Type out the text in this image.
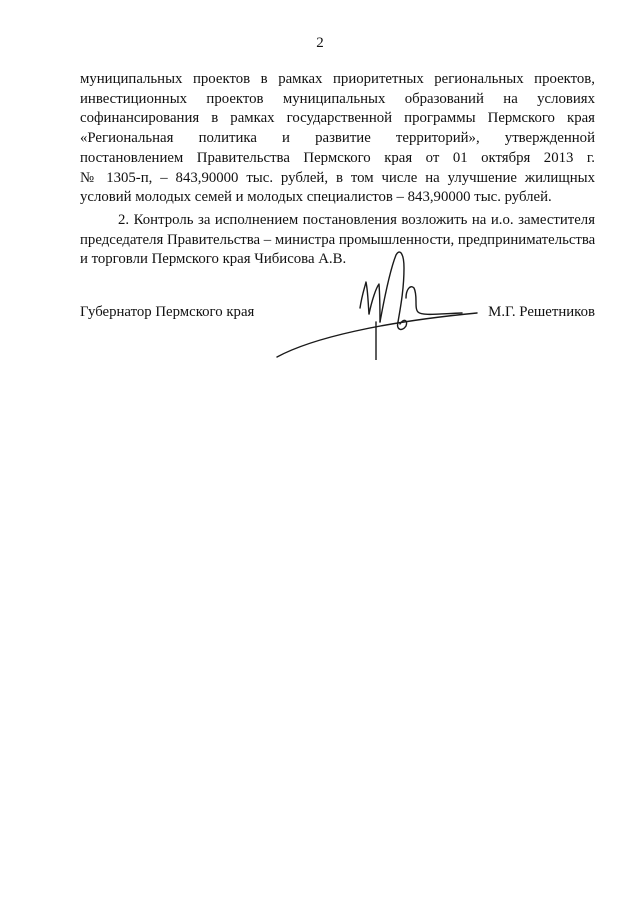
2
муниципальных проектов в рамках приоритетных региональных проектов,
инвестиционных проектов муниципальных образований на условиях
софинансирования в рамках государственной программы Пермского края
«Региональная политика и развитие территорий», утвержденной
постановлением Правительства Пермского края от 01 октября 2013 г.
№ 1305-п, – 843,90000 тыс. рублей, в том числе на улучшение жилищных
условий молодых семей и молодых специалистов – 843,90000 тыс. рублей.
2. Контроль за исполнением постановления возложить на и.о. заместителя
председателя Правительства – министра промышленности, предпринимательства
и торговли Пермского края Чибисова А.В.
Губернатор Пермского края	М.Г. Решетников
